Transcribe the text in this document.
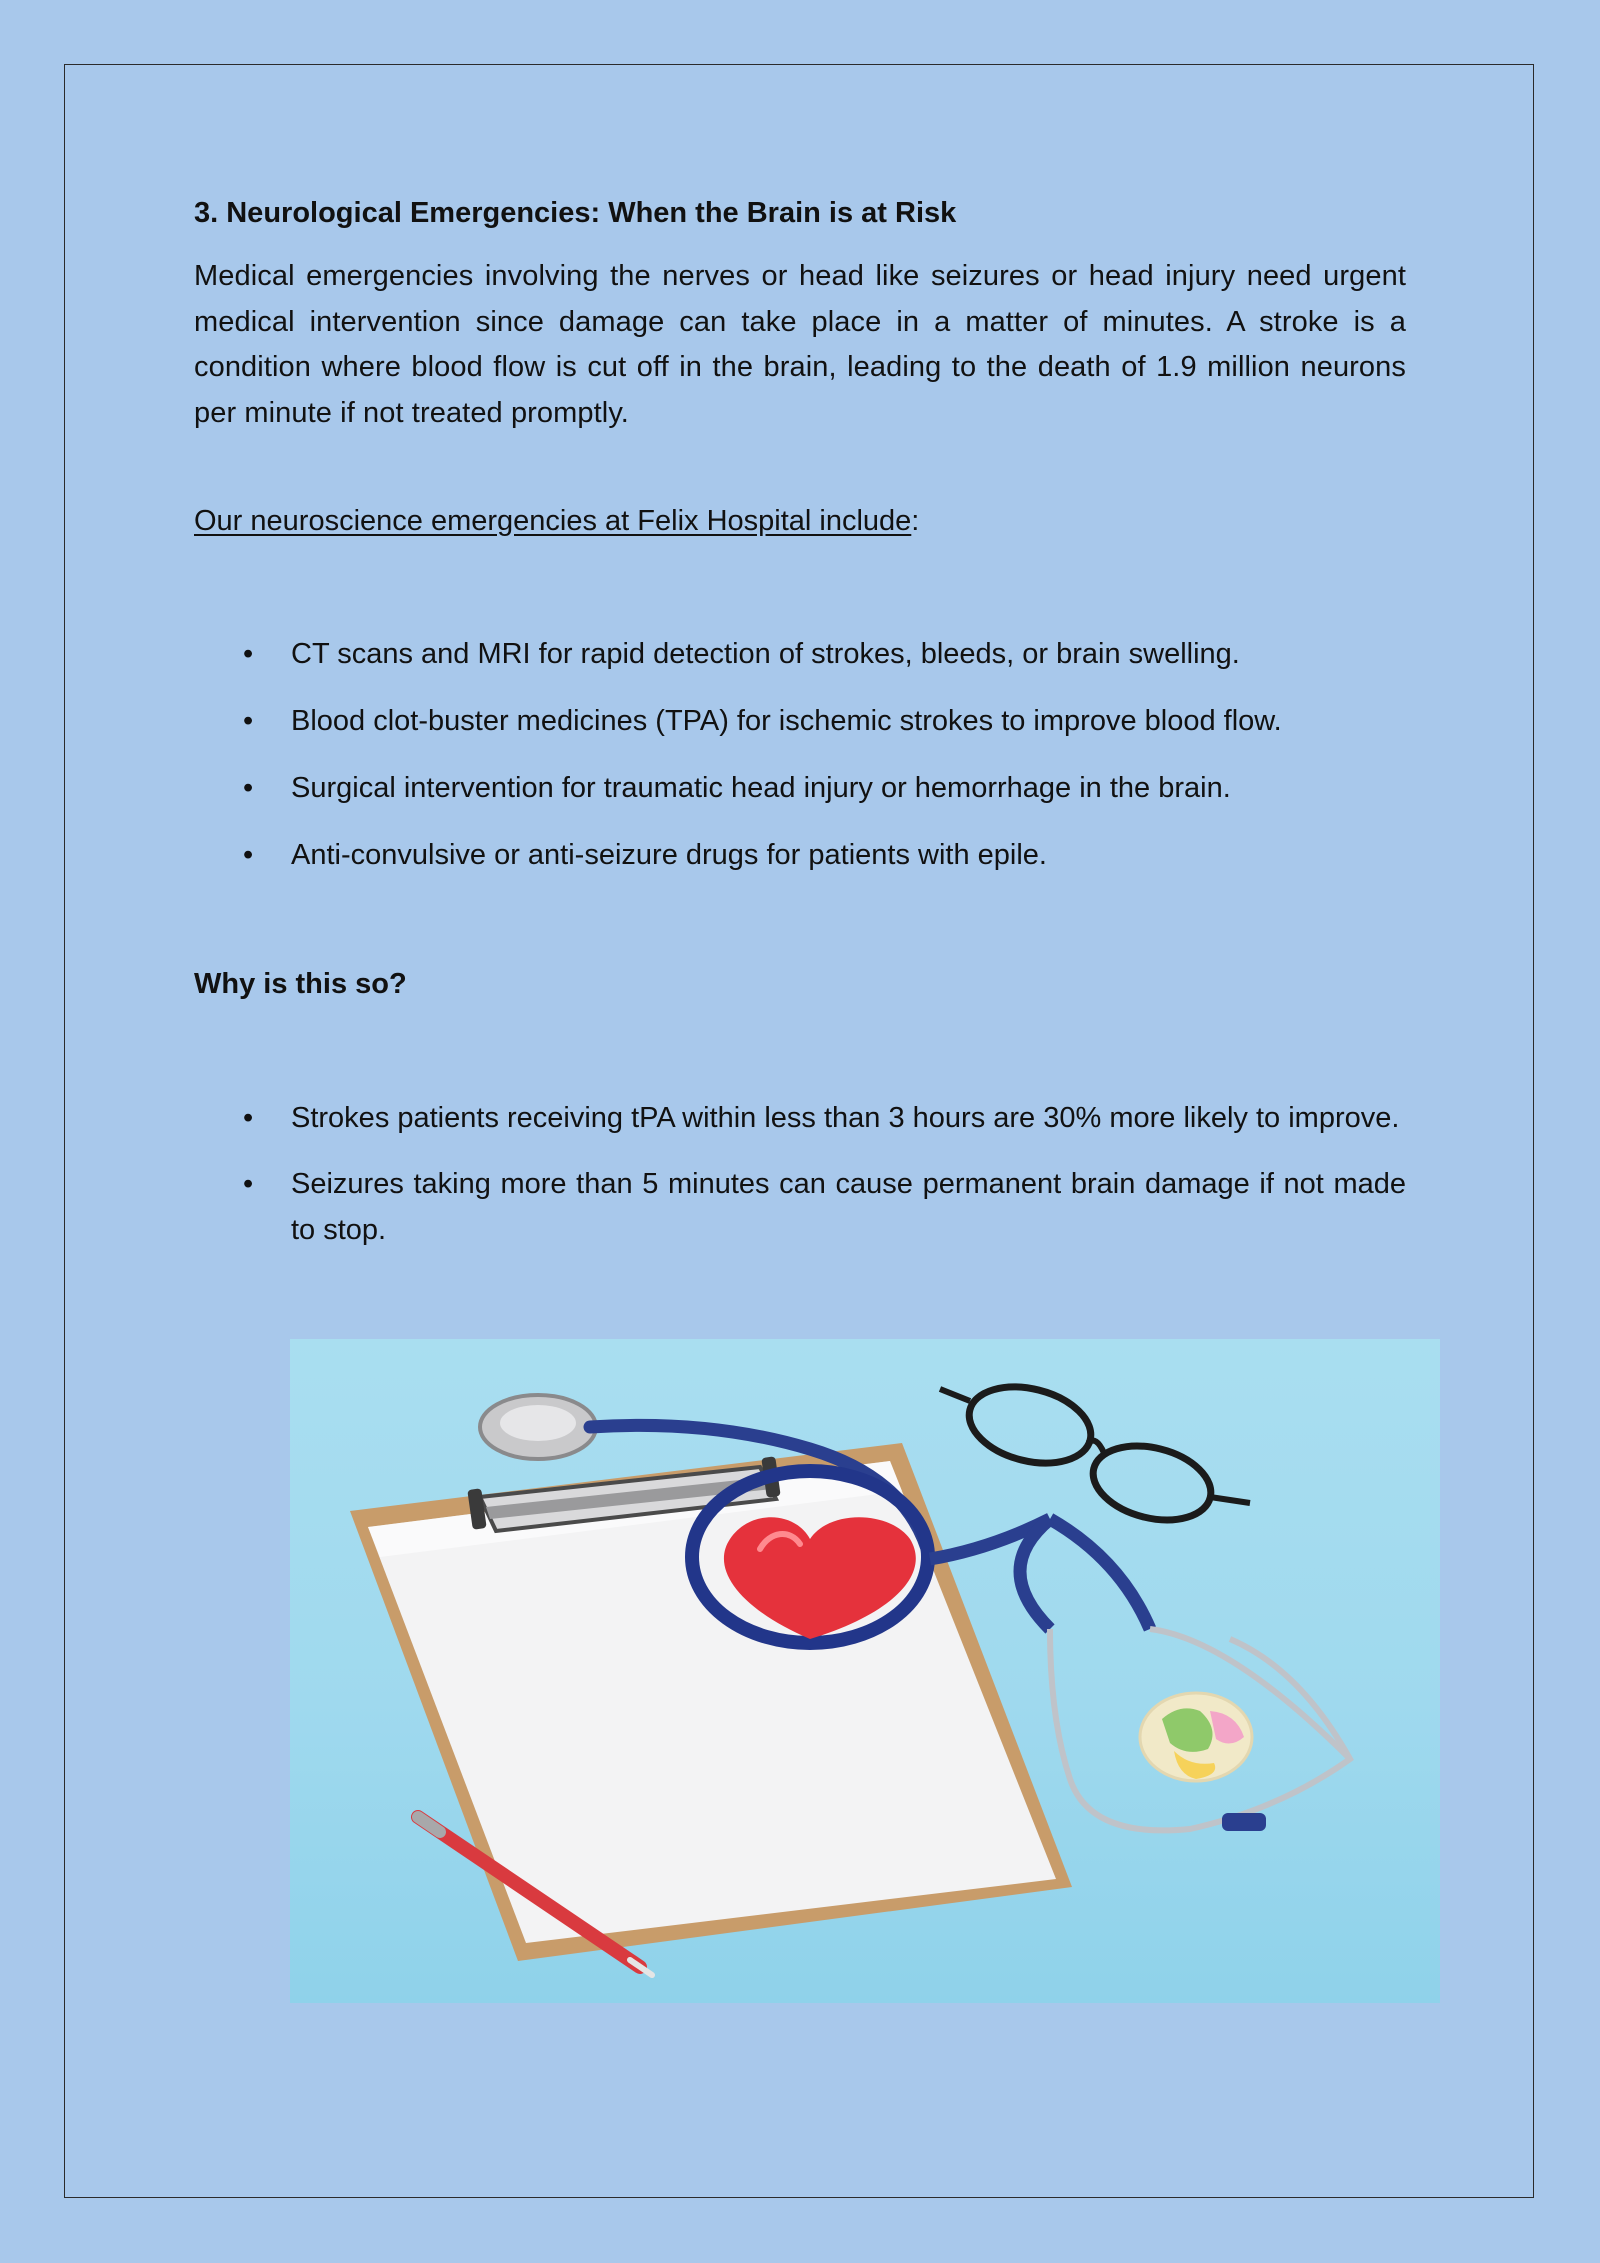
3. Neurological Emergencies: When the Brain is at Risk

Medical emergencies involving the nerves or head like seizures or head injury need urgent medical intervention since damage can take place in a matter of minutes. A stroke is a condition where blood flow is cut off in the brain, leading to the death of 1.9 million neurons per minute if not treated promptly.

Our neuroscience emergencies at Felix Hospital include:

• CT scans and MRI for rapid detection of strokes, bleeds, or brain swelling.
• Blood clot-buster medicines (TPA) for ischemic strokes to improve blood flow.
• Surgical intervention for traumatic head injury or hemorrhage in the brain.
• Anti-convulsive or anti-seizure drugs for patients with epile.

Why is this so?

• Strokes patients receiving tPA within less than 3 hours are 30% more likely to improve.
• Seizures taking more than 5 minutes can cause permanent brain damage if not made to stop.
